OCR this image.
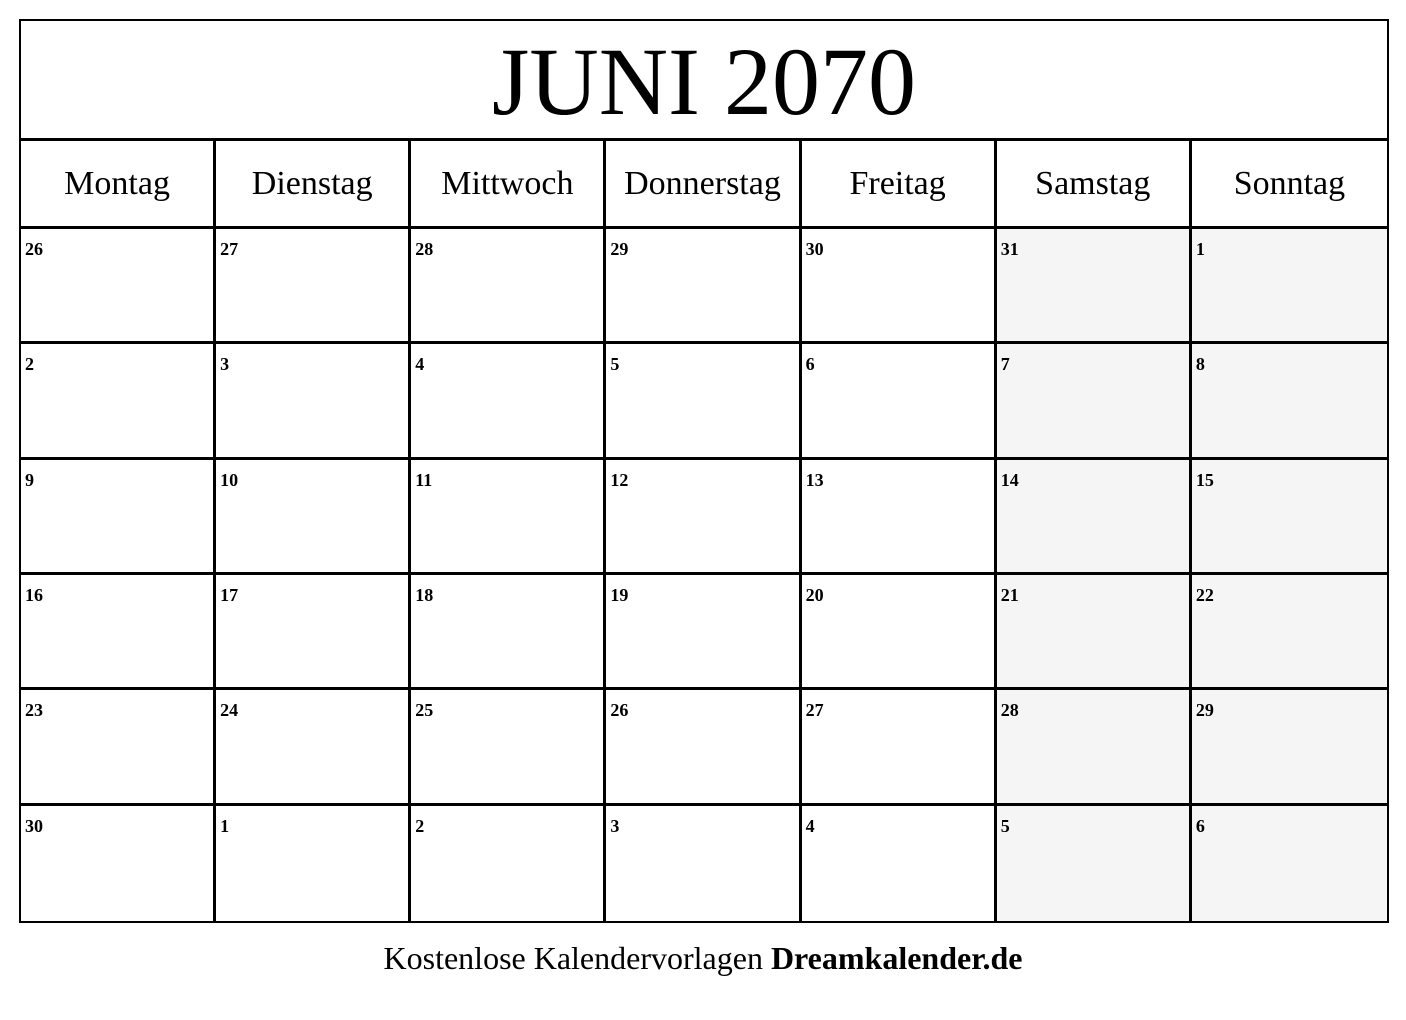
JUNI 2070
Montag	Dienstag	Mittwoch	Donnerstag	Freitag	Samstag	Sonntag
26	27	28	29	30	31	1
2	3	4	5	6	7	8
9	10	11	12	13	14	15
16	17	18	19	20	21	22
23	24	25	26	27	28	29
30	1	2	3	4	5	6
Kostenlose Kalendervorlagen Dreamkalender.de
